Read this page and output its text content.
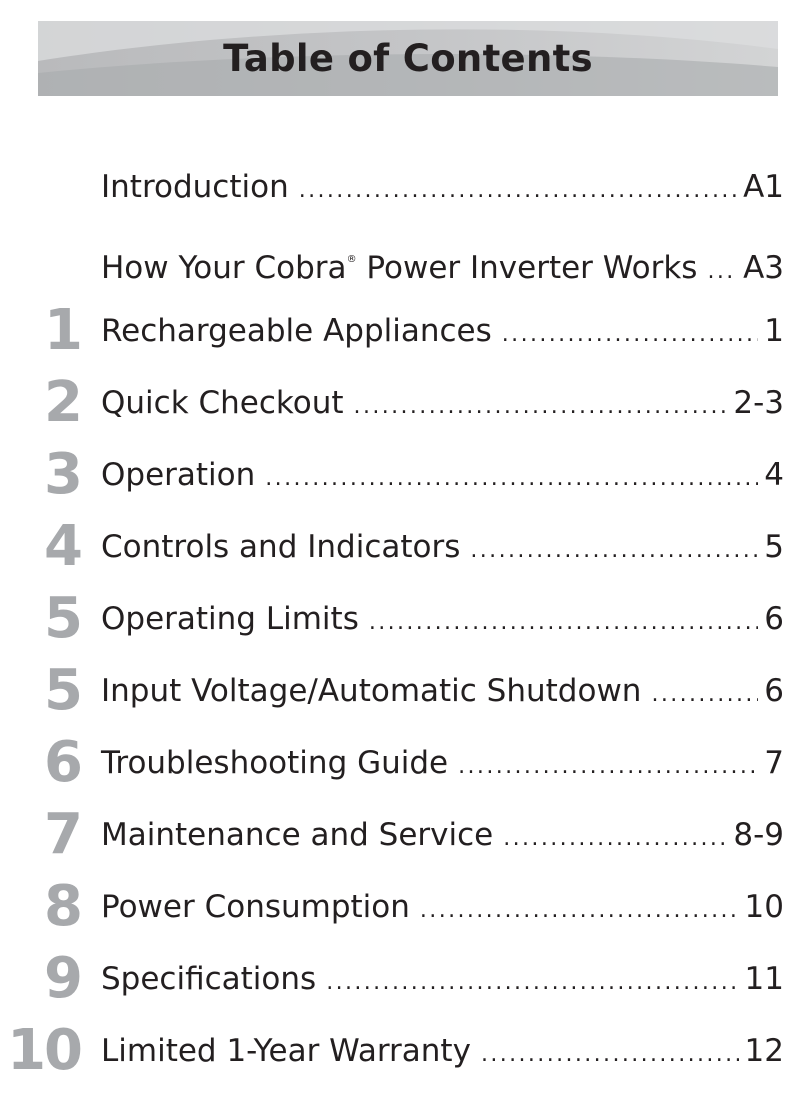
Table of Contents
Introduction .....	A1
How Your Cobra® Power Inverter Works ..... A3
1 Rechargeable Appliances .....	1
2 Quick Checkout .....	2-3
3 Operation .....	4
4 Controls and Indicators .....	5
5 Operating Limits .....	6
5 Input Voltage/Automatic Shutdown .....	6
6 Troubleshooting Guide .....	7
7 Maintenance and Service .....	8-9
8 Power Consumption .....	10
9 Specifications .....	11
10 Limited 1-Year Warranty .....	12
